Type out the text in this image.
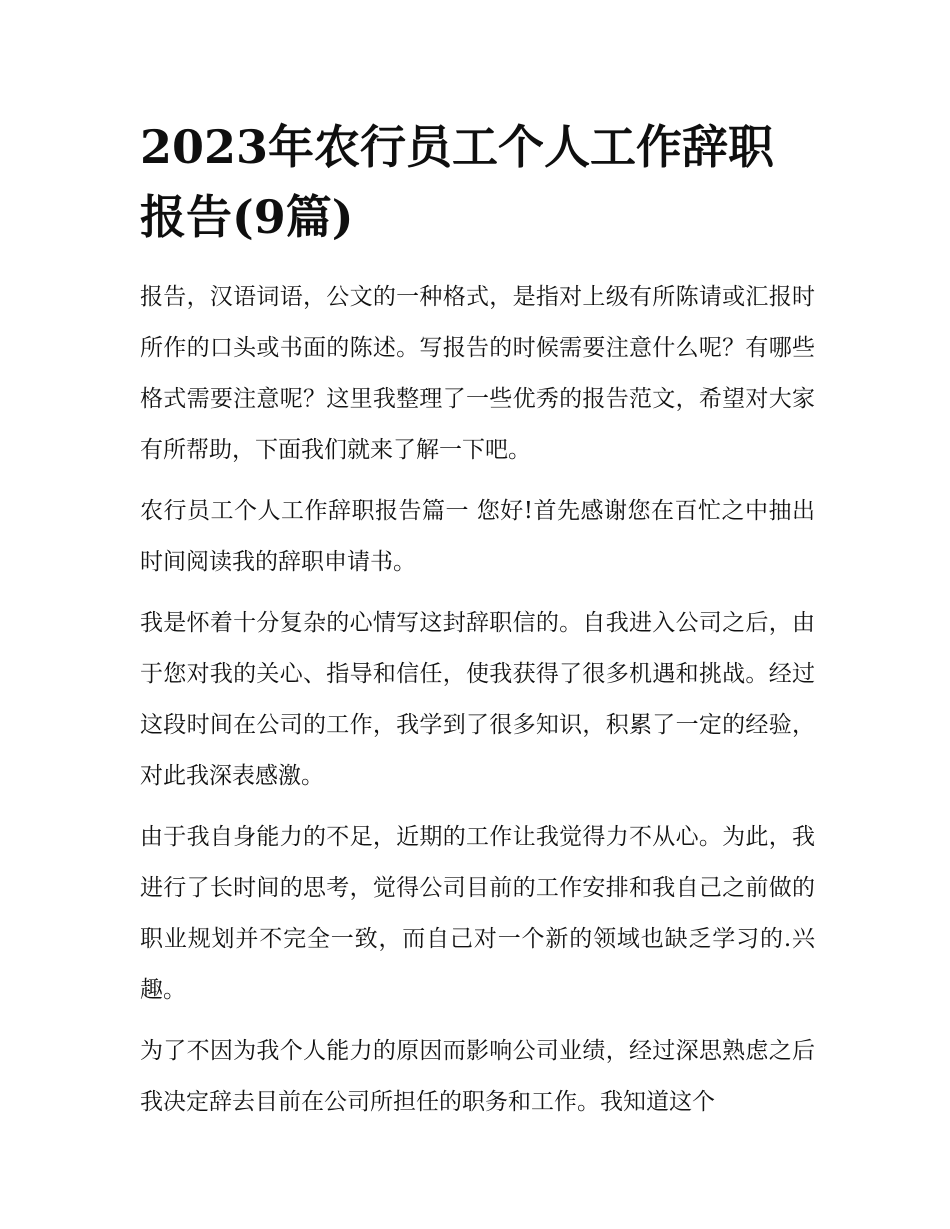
2023年农行员工个人工作辞职报告(9篇)

报告，汉语词语，公文的一种格式，是指对上级有所陈请或汇报时所作的口头或书面的陈述。写报告的时候需要注意什么呢？有哪些格式需要注意呢？这里我整理了一些优秀的报告范文，希望对大家有所帮助，下面我们就来了解一下吧。

农行员工个人工作辞职报告篇一 您好!首先感谢您在百忙之中抽出时间阅读我的辞职申请书。

我是怀着十分复杂的心情写这封辞职信的。自我进入公司之后，由于您对我的关心、指导和信任，使我获得了很多机遇和挑战。经过这段时间在公司的工作，我学到了很多知识，积累了一定的经验，对此我深表感激。

由于我自身能力的不足，近期的工作让我觉得力不从心。为此，我进行了长时间的思考，觉得公司目前的工作安排和我自己之前做的职业规划并不完全一致，而自己对一个新的领域也缺乏学习的.兴趣。

为了不因为我个人能力的原因而影响公司业绩，经过深思熟虑之后我决定辞去目前在公司所担任的职务和工作。我知道这个
